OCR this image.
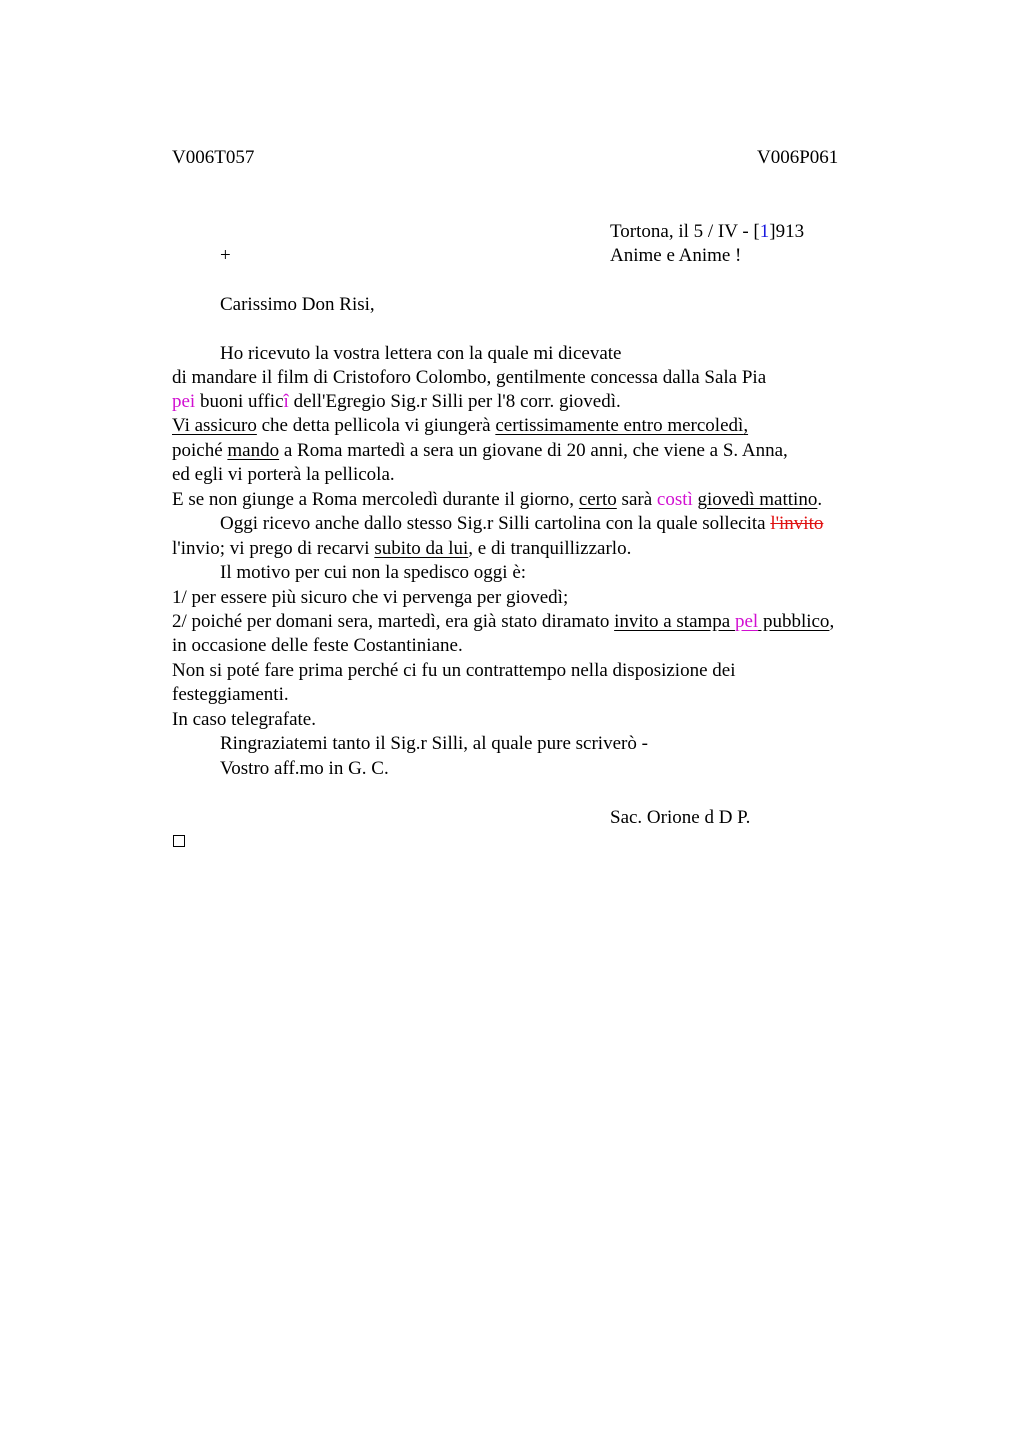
V006T057	V006P061
Tortona, il 5 / IV - [1]913
+	Anime e Anime !
Carissimo Don Risi,
Ho ricevuto la vostra lettera con la quale mi dicevate
di mandare il film di Cristoforo Colombo, gentilmente concessa dalla Sala Pia
pei buoni ufficî dell'Egregio Sig.r Silli per l'8 corr. giovedì.
Vi assicuro che detta pellicola vi giungerà certissimamente entro mercoledì,
poiché mando a Roma martedì a sera un giovane di 20 anni, che viene a S. Anna,
ed egli vi porterà la pellicola.
E se non giunge a Roma mercoledì durante il giorno, certo sarà costì giovedì mattino.
Oggi ricevo anche dallo stesso Sig.r Silli cartolina con la quale sollecita l'invito
l'invio; vi prego di recarvi subito da lui, e di tranquillizzarlo.
Il motivo per cui non la spedisco oggi è:
1/ per essere più sicuro che vi pervenga per giovedì;
2/ poiché per domani sera, martedì, era già stato diramato invito a stampa pel pubblico,
in occasione delle feste Costantiniane.
Non si poté fare prima perché ci fu un contrattempo nella disposizione dei
festeggiamenti.
In caso telegrafate.
Ringraziatemi tanto il Sig.r Silli, al quale pure scriverò -
Vostro aff.mo in G. C.
Sac. Orione d D P.
